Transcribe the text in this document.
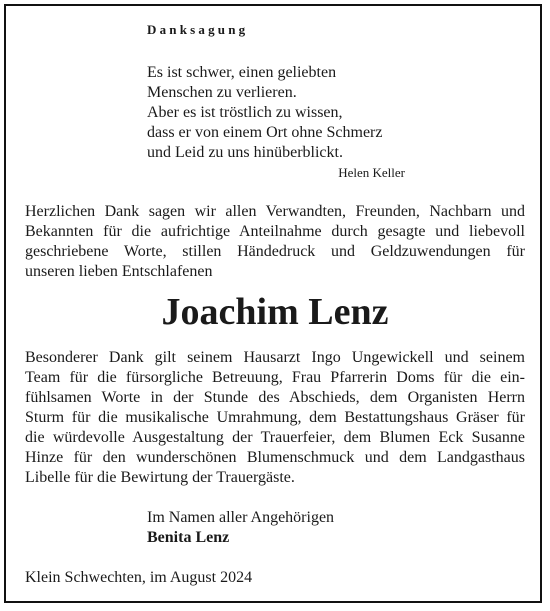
Danksagung
Es ist schwer, einen geliebten
Menschen zu verlieren.
Aber es ist tröstlich zu wissen,
dass er von einem Ort ohne Schmerz
und Leid zu uns hinüberblickt.
Helen Keller
Herzlichen Dank sagen wir allen Verwandten, Freunden, Nachbarn und
Bekannten für die aufrichtige Anteilnahme durch gesagte und liebevoll
geschriebene Worte, stillen Händedruck und Geldzuwendungen für
unseren lieben Entschlafenen
Joachim Lenz
Besonderer Dank gilt seinem Hausarzt Ingo Ungewickell und seinem
Team für die fürsorgliche Betreuung, Frau Pfarrerin Doms für die ein-
fühlsamen Worte in der Stunde des Abschieds, dem Organisten Herrn
Sturm für die musikalische Umrahmung, dem Bestattungshaus Gräser für
die würdevolle Ausgestaltung der Trauerfeier, dem Blumen Eck Susanne
Hinze für den wunderschönen Blumenschmuck und dem Landgasthaus
Libelle für die Bewirtung der Trauergäste.
Im Namen aller Angehörigen
Benita Lenz
Klein Schwechten, im August 2024
